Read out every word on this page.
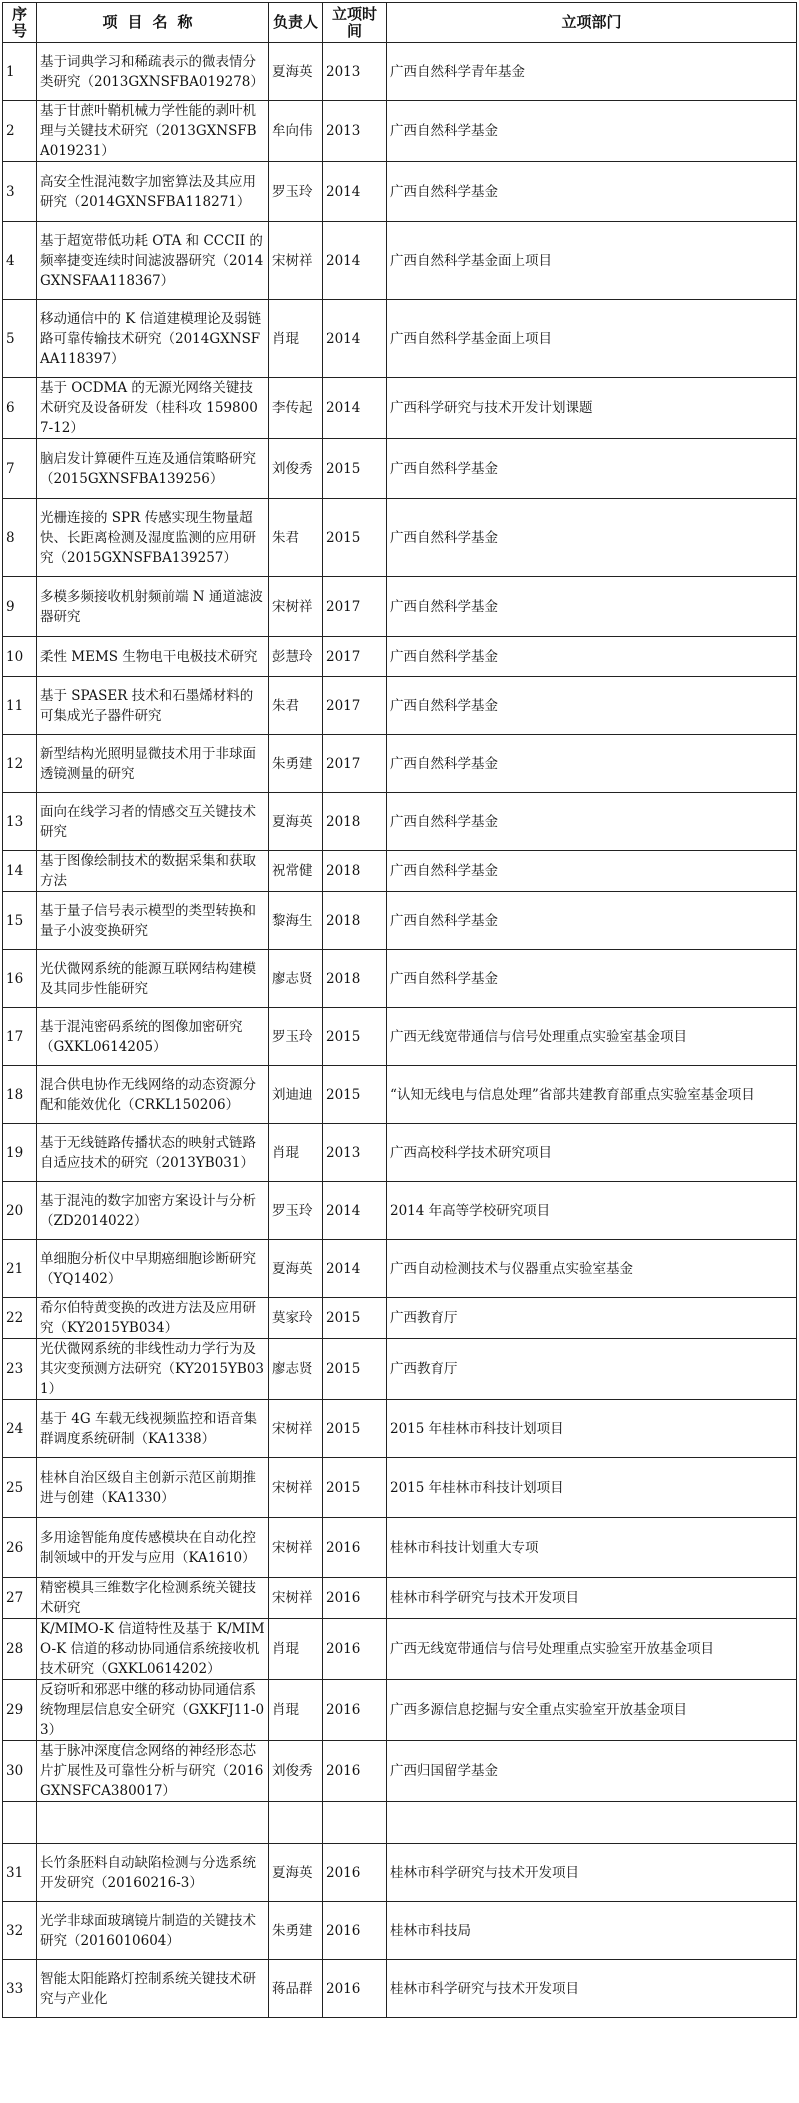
序号	项目名称	负责人	立项时间	立项部门
1	基于词典学习和稀疏表示的微表情分类研究（2013GXNSFBA019278）	夏海英	2013	广西自然科学青年基金
2	基于甘蔗叶鞘机械力学性能的剥叶机理与关键技术研究（2013GXNSFBA019231）	牟向伟	2013	广西自然科学基金
3	高安全性混沌数字加密算法及其应用研究（2014GXNSFBA118271）	罗玉玲	2014	广西自然科学基金
4	基于超宽带低功耗 OTA 和 CCCII 的频率捷变连续时间滤波器研究（2014GXNSFAA118367）	宋树祥	2014	广西自然科学基金面上项目
5	移动通信中的 K 信道建模理论及弱链路可靠传输技术研究（2014GXNSFAA118397）	肖琨	2014	广西自然科学基金面上项目
6	基于 OCDMA 的无源光网络关键技术研究及设备研发（桂科攻 1598007-12）	李传起	2014	广西科学研究与技术开发计划课题
7	脑启发计算硬件互连及通信策略研究（2015GXNSFBA139256）	刘俊秀	2015	广西自然科学基金
8	光栅连接的 SPR 传感实现生物量超快、长距离检测及湿度监测的应用研究（2015GXNSFBA139257）	朱君	2015	广西自然科学基金
9	多模多频接收机射频前端 N 通道滤波器研究	宋树祥	2017	广西自然科学基金
10	柔性 MEMS 生物电干电极技术研究	彭慧玲	2017	广西自然科学基金
11	基于 SPASER 技术和石墨烯材料的可集成光子器件研究	朱君	2017	广西自然科学基金
12	新型结构光照明显微技术用于非球面透镜测量的研究	朱勇建	2017	广西自然科学基金
13	面向在线学习者的情感交互关键技术研究	夏海英	2018	广西自然科学基金
14	基于图像绘制技术的数据采集和获取方法	祝常健	2018	广西自然科学基金
15	基于量子信号表示模型的类型转换和量子小波变换研究	黎海生	2018	广西自然科学基金
16	光伏微网系统的能源互联网结构建模及其同步性能研究	廖志贤	2018	广西自然科学基金
17	基于混沌密码系统的图像加密研究（GXKL0614205）	罗玉玲	2015	广西无线宽带通信与信号处理重点实验室基金项目
18	混合供电协作无线网络的动态资源分配和能效优化（CRKL150206）	刘迪迪	2015	“认知无线电与信息处理”省部共建教育部重点实验室基金项目
19	基于无线链路传播状态的映射式链路自适应技术的研究（2013YB031）	肖琨	2013	广西高校科学技术研究项目
20	基于混沌的数字加密方案设计与分析（ZD2014022）	罗玉玲	2014	2014 年高等学校研究项目
21	单细胞分析仪中早期癌细胞诊断研究（YQ1402）	夏海英	2014	广西自动检测技术与仪器重点实验室基金
22	希尔伯特黄变换的改进方法及应用研究（KY2015YB034）	莫家玲	2015	广西教育厅
23	光伏微网系统的非线性动力学行为及其灾变预测方法研究（KY2015YB031）	廖志贤	2015	广西教育厅
24	基于 4G 车载无线视频监控和语音集群调度系统研制（KA1338）	宋树祥	2015	2015 年桂林市科技计划项目
25	桂林自治区级自主创新示范区前期推进与创建（KA1330）	宋树祥	2015	2015 年桂林市科技计划项目
26	多用途智能角度传感模块在自动化控制领域中的开发与应用（KA1610）	宋树祥	2016	桂林市科技计划重大专项
27	精密模具三维数字化检测系统关键技术研究	宋树祥	2016	桂林市科学研究与技术开发项目
28	K/MIMO-K 信道特性及基于 K/MIMO-K 信道的移动协同通信系统接收机技术研究（GXKL0614202）	肖琨	2016	广西无线宽带通信与信号处理重点实验室开放基金项目
29	反窃听和邪恶中继的移动协同通信系统物理层信息安全研究（GXKFJ11-03）	肖琨	2016	广西多源信息挖掘与安全重点实验室开放基金项目
30	基于脉冲深度信念网络的神经形态芯片扩展性及可靠性分析与研究（2016GXNSFCA380017）	刘俊秀	2016	广西归国留学基金

31	长竹条胚料自动缺陷检测与分选系统开发研究（20160216-3）	夏海英	2016	桂林市科学研究与技术开发项目
32	光学非球面玻璃镜片制造的关键技术研究（2016010604）	朱勇建	2016	桂林市科技局
33	智能太阳能路灯控制系统关键技术研究与产业化	蒋品群	2016	桂林市科学研究与技术开发项目
